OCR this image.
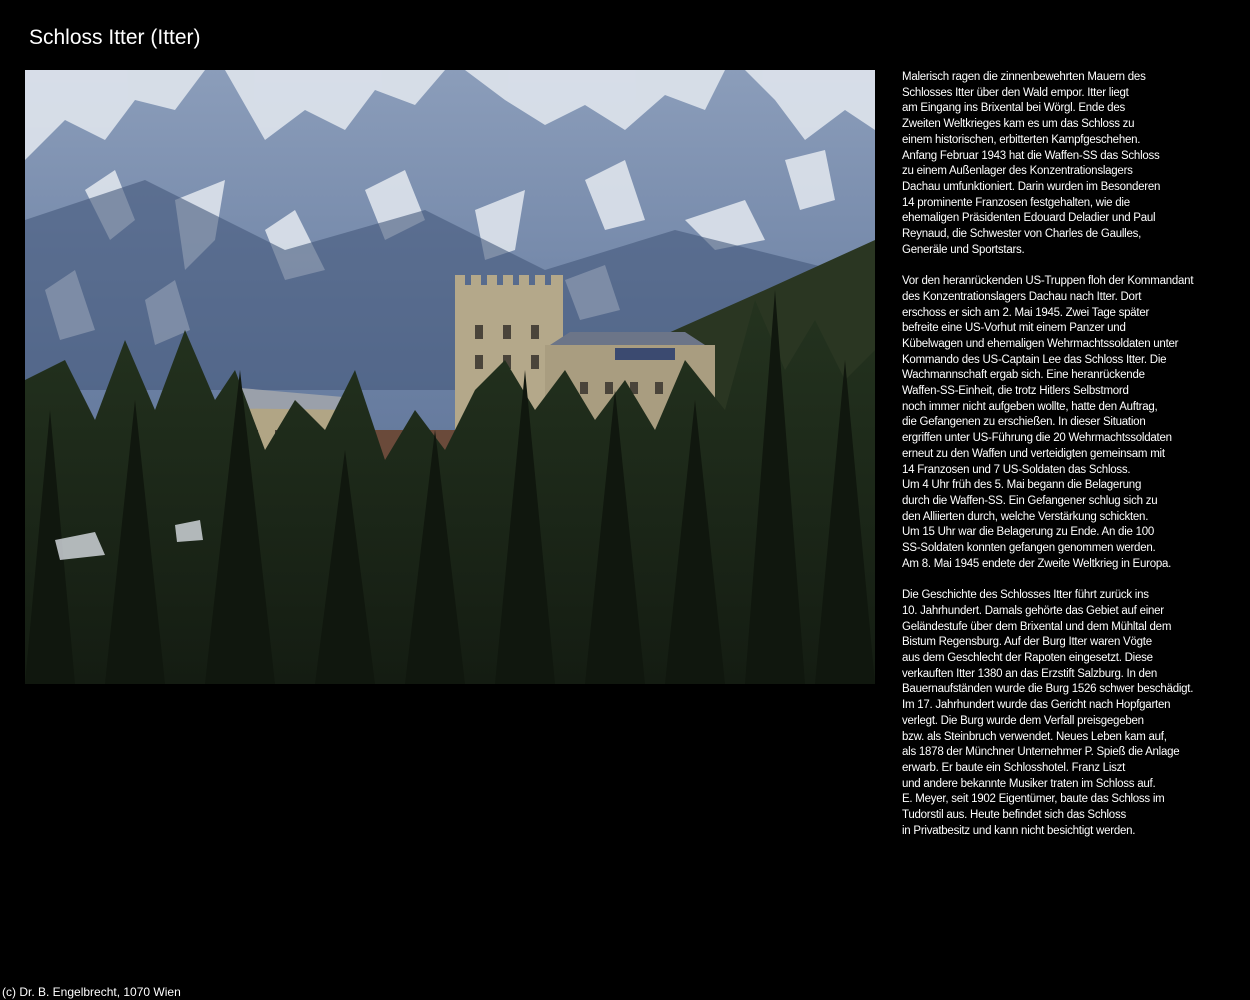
Schloss Itter (Itter)

Malerisch ragen die zinnenbewehrten Mauern des
Schlosses Itter über den Wald empor. Itter liegt
am Eingang ins Brixental bei Wörgl. Ende des
Zweiten Weltkrieges kam es um das Schloss zu
einem historischen, erbitterten Kampfgeschehen.
Anfang Februar 1943 hat die Waffen-SS das Schloss
zu einem Außenlager des Konzentrationslagers
Dachau umfunktioniert. Darin wurden im Besonderen
14 prominente Franzosen festgehalten, wie die
ehemaligen Präsidenten Edouard Deladier und Paul
Reynaud, die Schwester von Charles de Gaulles,
Generäle und Sportstars.

Vor den heranrückenden US-Truppen floh der Kommandant
des Konzentrationslagers Dachau nach Itter. Dort
erschoss er sich am 2. Mai 1945. Zwei Tage später
befreite eine US-Vorhut mit einem Panzer und
Kübelwagen und ehemaligen Wehrmachtssoldaten unter
Kommando des US-Captain Lee das Schloss Itter. Die
Wachmannschaft ergab sich. Eine heranrückende
Waffen-SS-Einheit, die trotz Hitlers Selbstmord
noch immer nicht aufgeben wollte, hatte den Auftrag,
die Gefangenen zu erschießen. In dieser Situation
ergriffen unter US-Führung die 20 Wehrmachtssoldaten
erneut zu den Waffen und verteidigten gemeinsam mit
14 Franzosen und 7 US-Soldaten das Schloss.
Um 4 Uhr früh des 5. Mai begann die Belagerung
durch die Waffen-SS. Ein Gefangener schlug sich zu
den Alliierten durch, welche Verstärkung schickten.
Um 15 Uhr war die Belagerung zu Ende. An die 100
SS-Soldaten konnten gefangen genommen werden.
Am 8. Mai 1945 endete der Zweite Weltkrieg in Europa.

Die Geschichte des Schlosses Itter führt zurück ins
10. Jahrhundert. Damals gehörte das Gebiet auf einer
Geländestufe über dem Brixental und dem Mühltal dem
Bistum Regensburg. Auf der Burg Itter waren Vögte
aus dem Geschlecht der Rapoten eingesetzt. Diese
verkauften Itter 1380 an das Erzstift Salzburg. In den
Bauernaufständen wurde die Burg 1526 schwer beschädigt.
Im 17. Jahrhundert wurde das Gericht nach Hopfgarten
verlegt. Die Burg wurde dem Verfall preisgegeben
bzw. als Steinbruch verwendet. Neues Leben kam auf,
als 1878 der Münchner Unternehmer P. Spieß die Anlage
erwarb. Er baute ein Schlosshotel. Franz Liszt
und andere bekannte Musiker traten im Schloss auf.
E. Meyer, seit 1902 Eigentümer, baute das Schloss im
Tudorstil aus. Heute befindet sich das Schloss
in Privatbesitz und kann nicht besichtigt werden.

(c) Dr. B. Engelbrecht, 1070 Wien
